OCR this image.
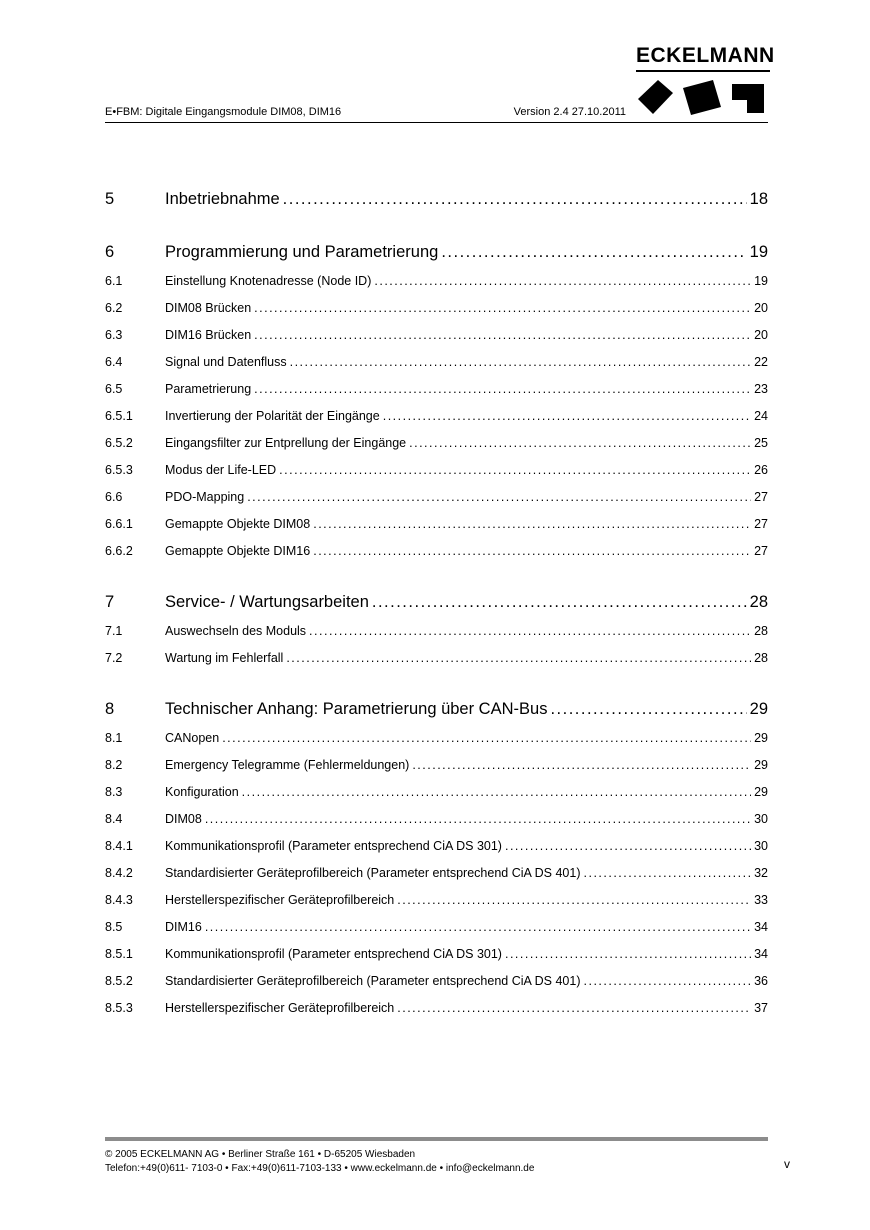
ECKELMANN
E•FBM: Digitale Eingangsmodule DIM08, DIM16	Version 2.4 27.10.2011
5	Inbetriebnahme .....	18
6	Programmierung und Parametrierung .....	19
6.1	Einstellung Knotenadresse (Node ID) .....	19
6.2	DIM08 Brücken .....	20
6.3	DIM16 Brücken .....	20
6.4	Signal und Datenfluss .....	22
6.5	Parametrierung .....	23
6.5.1	Invertierung der Polarität der Eingänge .....	24
6.5.2	Eingangsfilter zur Entprellung der Eingänge .....	25
6.5.3	Modus der Life-LED .....	26
6.6	PDO-Mapping .....	27
6.6.1	Gemappte Objekte DIM08 .....	27
6.6.2	Gemappte Objekte DIM16 .....	27
7	Service- / Wartungsarbeiten .....	28
7.1	Auswechseln des Moduls .....	28
7.2	Wartung im Fehlerfall .....	28
8	Technischer Anhang: Parametrierung über CAN-Bus .....	29
8.1	CANopen .....	29
8.2	Emergency Telegramme (Fehlermeldungen) .....	29
8.3	Konfiguration .....	29
8.4	DIM08 .....	30
8.4.1	Kommunikationsprofil (Parameter entsprechend CiA DS 301) .....	30
8.4.2	Standardisierter Geräteprofilbereich (Parameter entsprechend CiA DS 401) .....	32
8.4.3	Herstellerspezifischer Geräteprofilbereich .....	33
8.5	DIM16 .....	34
8.5.1	Kommunikationsprofil (Parameter entsprechend CiA DS 301) .....	34
8.5.2	Standardisierter Geräteprofilbereich (Parameter entsprechend CiA DS 401) .....	36
8.5.3	Herstellerspezifischer Geräteprofilbereich .....	37
© 2005 ECKELMANN AG • Berliner Straße 161 • D-65205 Wiesbaden
Telefon:+49(0)611- 7103-0 • Fax:+49(0)611-7103-133 • www.eckelmann.de • info@eckelmann.de	v
